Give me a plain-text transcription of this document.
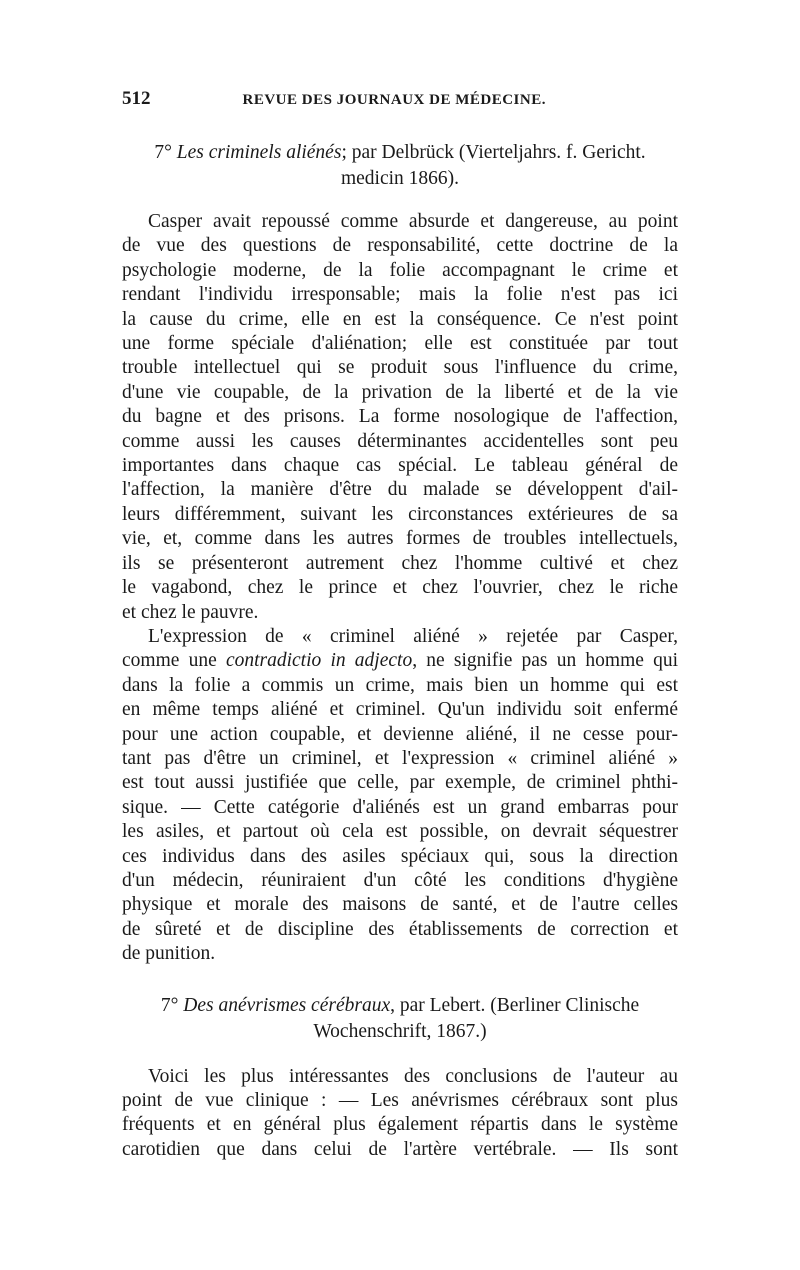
512	REVUE DES JOURNAUX DE MÉDECINE.
7° Les criminels aliénés; par Delbrück (Vierteljahrs. f. Gericht.
medicin 1866).
Casper avait repoussé comme absurde et dangereuse, au point
de vue des questions de responsabilité, cette doctrine de la
psychologie moderne, de la folie accompagnant le crime et
rendant l'individu irresponsable; mais la folie n'est pas ici
la cause du crime, elle en est la conséquence. Ce n'est point
une forme spéciale d'aliénation; elle est constituée par tout
trouble intellectuel qui se produit sous l'influence du crime,
d'une vie coupable, de la privation de la liberté et de la vie
du bagne et des prisons. La forme nosologique de l'affection,
comme aussi les causes déterminantes accidentelles sont peu
importantes dans chaque cas spécial. Le tableau général de
l'affection, la manière d'être du malade se développent d'ail-
leurs différemment, suivant les circonstances extérieures de sa
vie, et, comme dans les autres formes de troubles intellectuels,
ils se présenteront autrement chez l'homme cultivé et chez
le vagabond, chez le prince et chez l'ouvrier, chez le riche
et chez le pauvre.
L'expression de « criminel aliéné » rejetée par Casper,
comme une contradictio in adjecto, ne signifie pas un homme qui
dans la folie a commis un crime, mais bien un homme qui est
en même temps aliéné et criminel. Qu'un individu soit enfermé
pour une action coupable, et devienne aliéné, il ne cesse pour-
tant pas d'être un criminel, et l'expression « criminel aliéné »
est tout aussi justifiée que celle, par exemple, de criminel phthi-
sique. — Cette catégorie d'aliénés est un grand embarras pour
les asiles, et partout où cela est possible, on devrait séquestrer
ces individus dans des asiles spéciaux qui, sous la direction
d'un médecin, réuniraient d'un côté les conditions d'hygiène
physique et morale des maisons de santé, et de l'autre celles
de sûreté et de discipline des établissements de correction et
de punition.
7° Des anévrismes cérébraux, par Lebert. (Berliner Clinische
Wochenschrift, 1867.)
Voici les plus intéressantes des conclusions de l'auteur au
point de vue clinique : — Les anévrismes cérébraux sont plus
fréquents et en général plus également répartis dans le système
carotidien que dans celui de l'artère vertébrale. — Ils sont
